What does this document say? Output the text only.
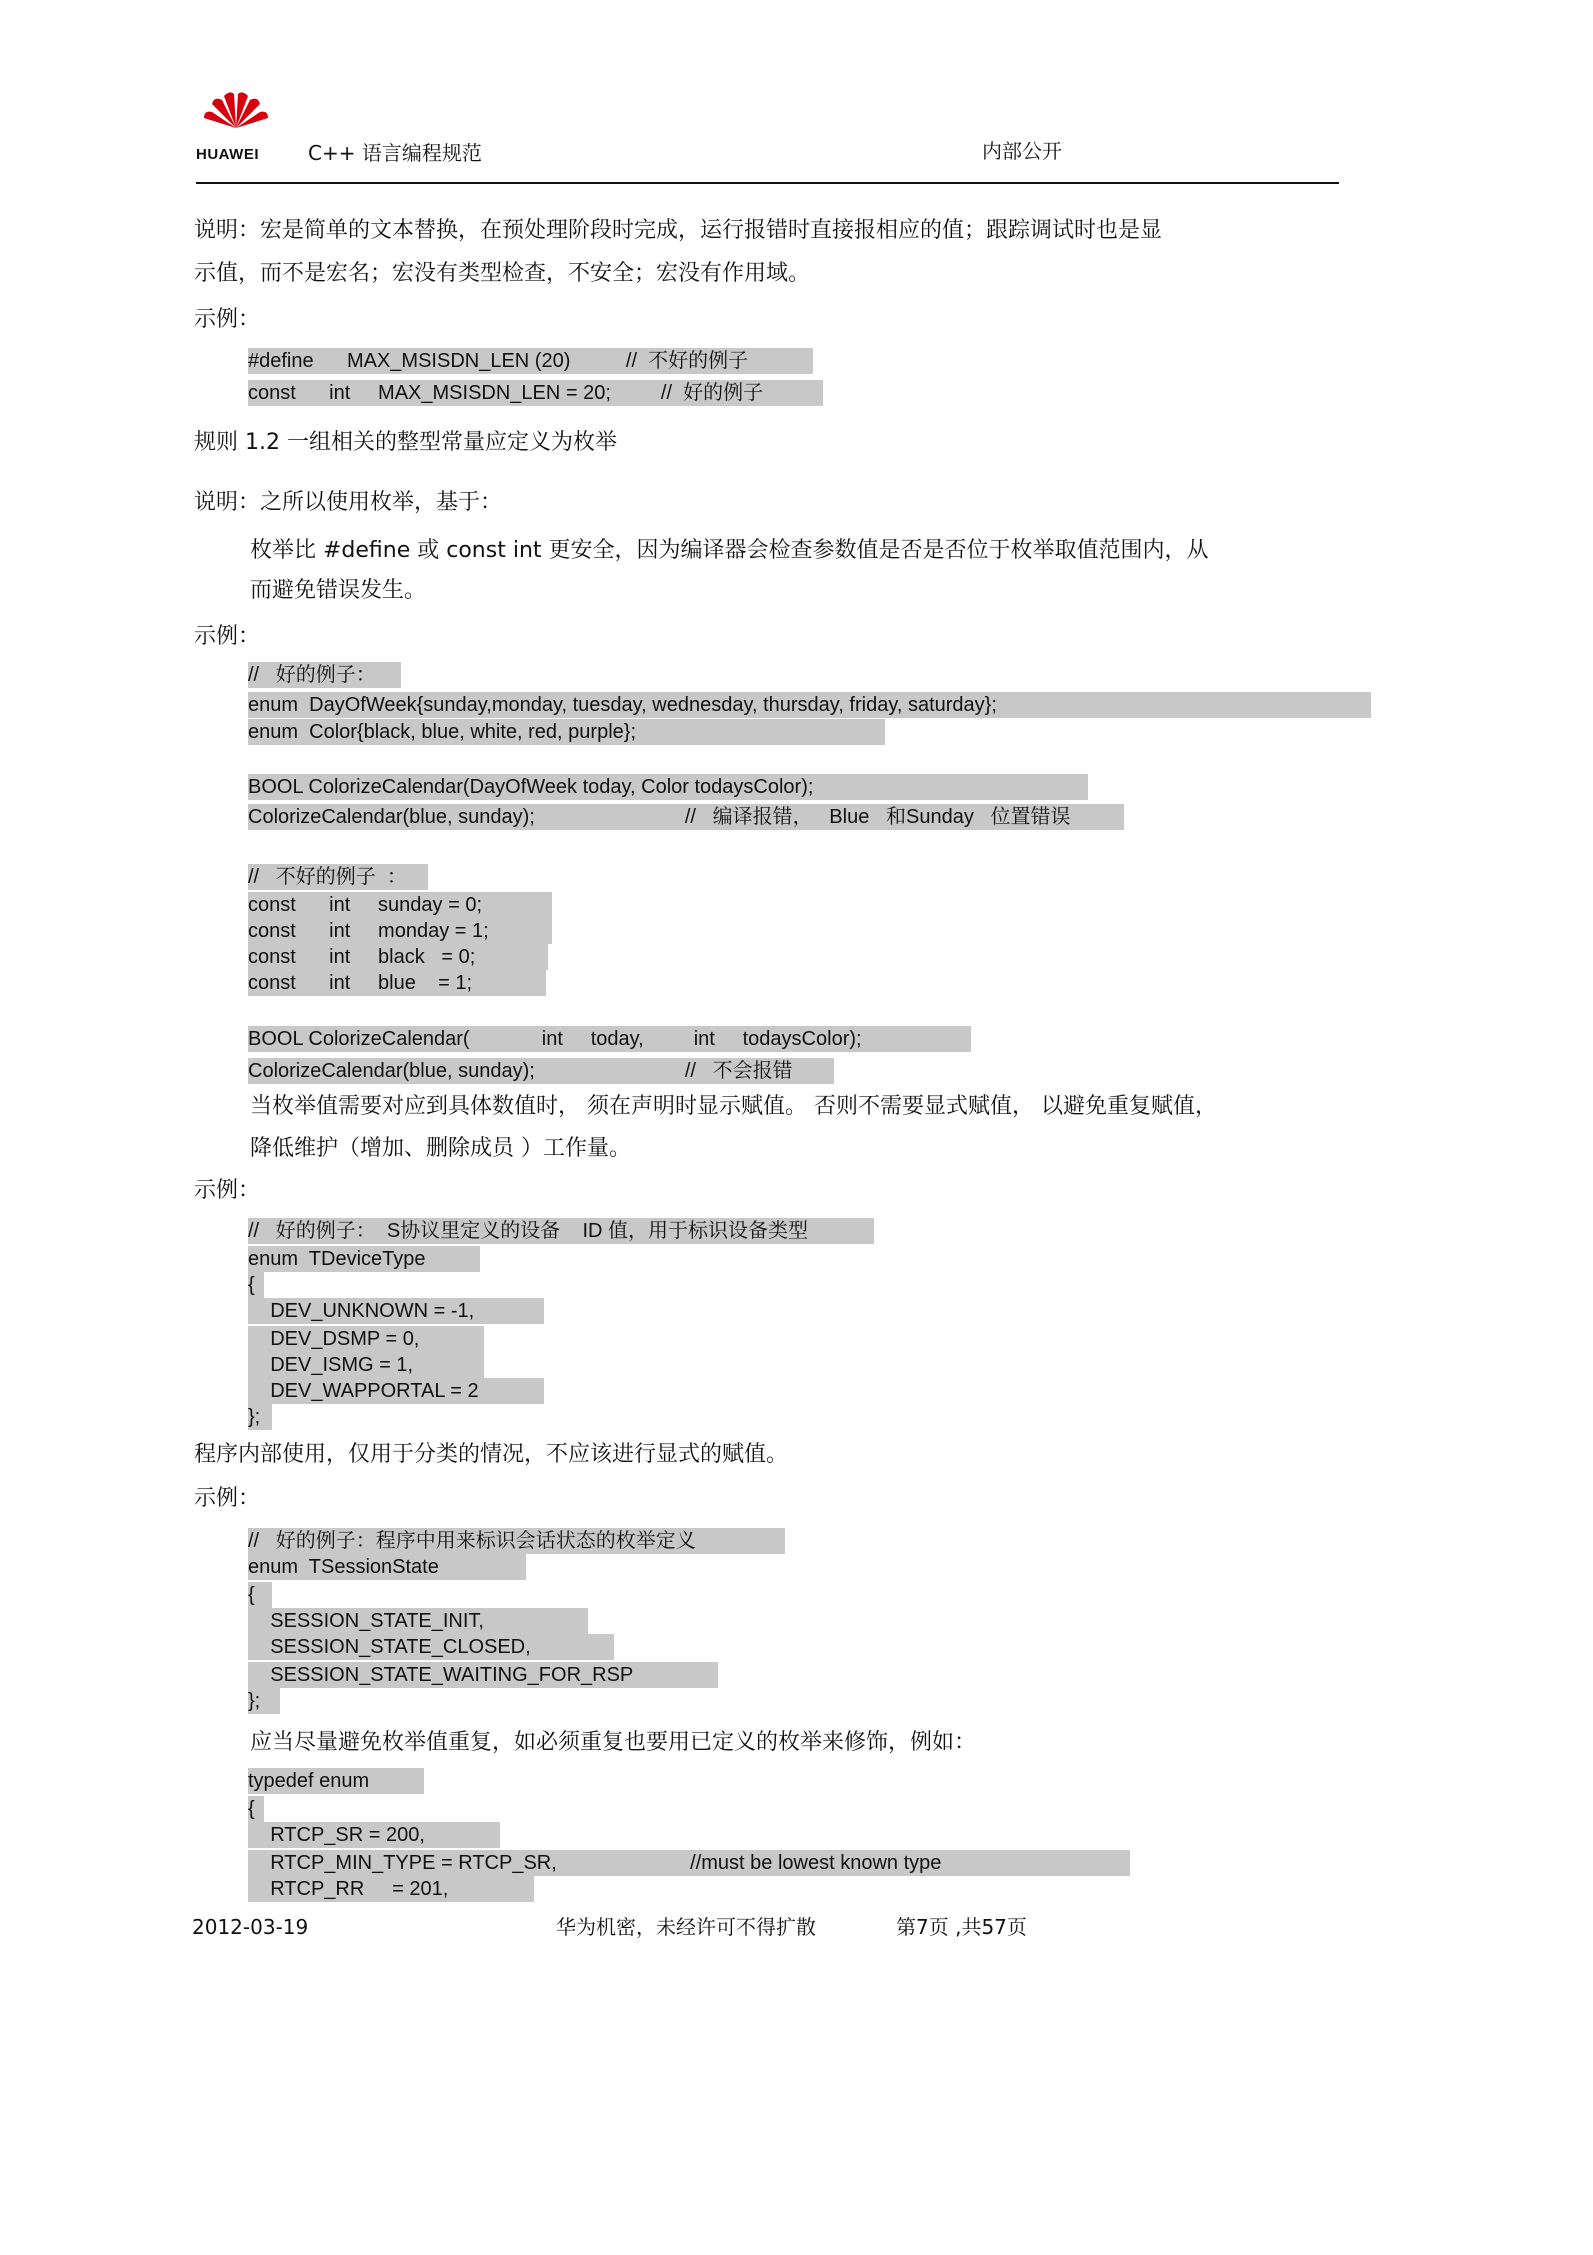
HUAWEI C++ 语言编程规范	内部公开
说明：宏是简单的文本替换，在预处理阶段时完成，运行报错时直接报相应的值；跟踪调试时也是显
示值，而不是宏名；宏没有类型检查，不安全；宏没有作用域。
示例：
#define      MAX_MSISDN_LEN (20)          //  不好的例子
const      int     MAX_MSISDN_LEN = 20;         //  好的例子
规则 1.2 一组相关的整型常量应定义为枚举
说明：之所以使用枚举，基于：
枚举比 #define 或 const int 更安全，因为编译器会检查参数值是否是否位于枚举取值范围内，从
而避免错误发生。
示例：
//   好的例子：
enum  DayOfWeek{sunday,monday, tuesday, wednesday, thursday, friday, saturday};
enum  Color{black, blue, white, red, purple};
BOOL ColorizeCalendar(DayOfWeek today, Color todaysColor);
ColorizeCalendar(blue, sunday);                           //   编译报错，   Blue   和Sunday   位置错误
//   不好的例子  ：
const      int     sunday = 0;
const      int     monday = 1;
const      int     black   = 0;
const      int     blue    = 1;
BOOL ColorizeCalendar(             int     today,         int     todaysColor);
ColorizeCalendar(blue, sunday);                           //   不会报错
当枚举值需要对应到具体数值时， 须在声明时显示赋值。 否则不需要显式赋值， 以避免重复赋值，
降低维护（增加、删除成员 ）工作量。
示例：
//   好的例子：  S协议里定义的设备    ID 值，用于标识设备类型
enum  TDeviceType
{
DEV_UNKNOWN = -1,
DEV_DSMP = 0,
DEV_ISMG = 1,
DEV_WAPPORTAL = 2
};
程序内部使用，仅用于分类的情况，不应该进行显式的赋值。
示例：
//   好的例子：程序中用来标识会话状态的枚举定义
enum  TSessionState
{
SESSION_STATE_INIT,
SESSION_STATE_CLOSED,
SESSION_STATE_WAITING_FOR_RSP
};
应当尽量避免枚举值重复，如必须重复也要用已定义的枚举来修饰，例如：
typedef enum
{
RTCP_SR = 200,
RTCP_MIN_TYPE = RTCP_SR,                        //must be lowest known type
RTCP_RR     = 201,
2012-03-19	华为机密，未经许可不得扩散	第7页 ,共57页
